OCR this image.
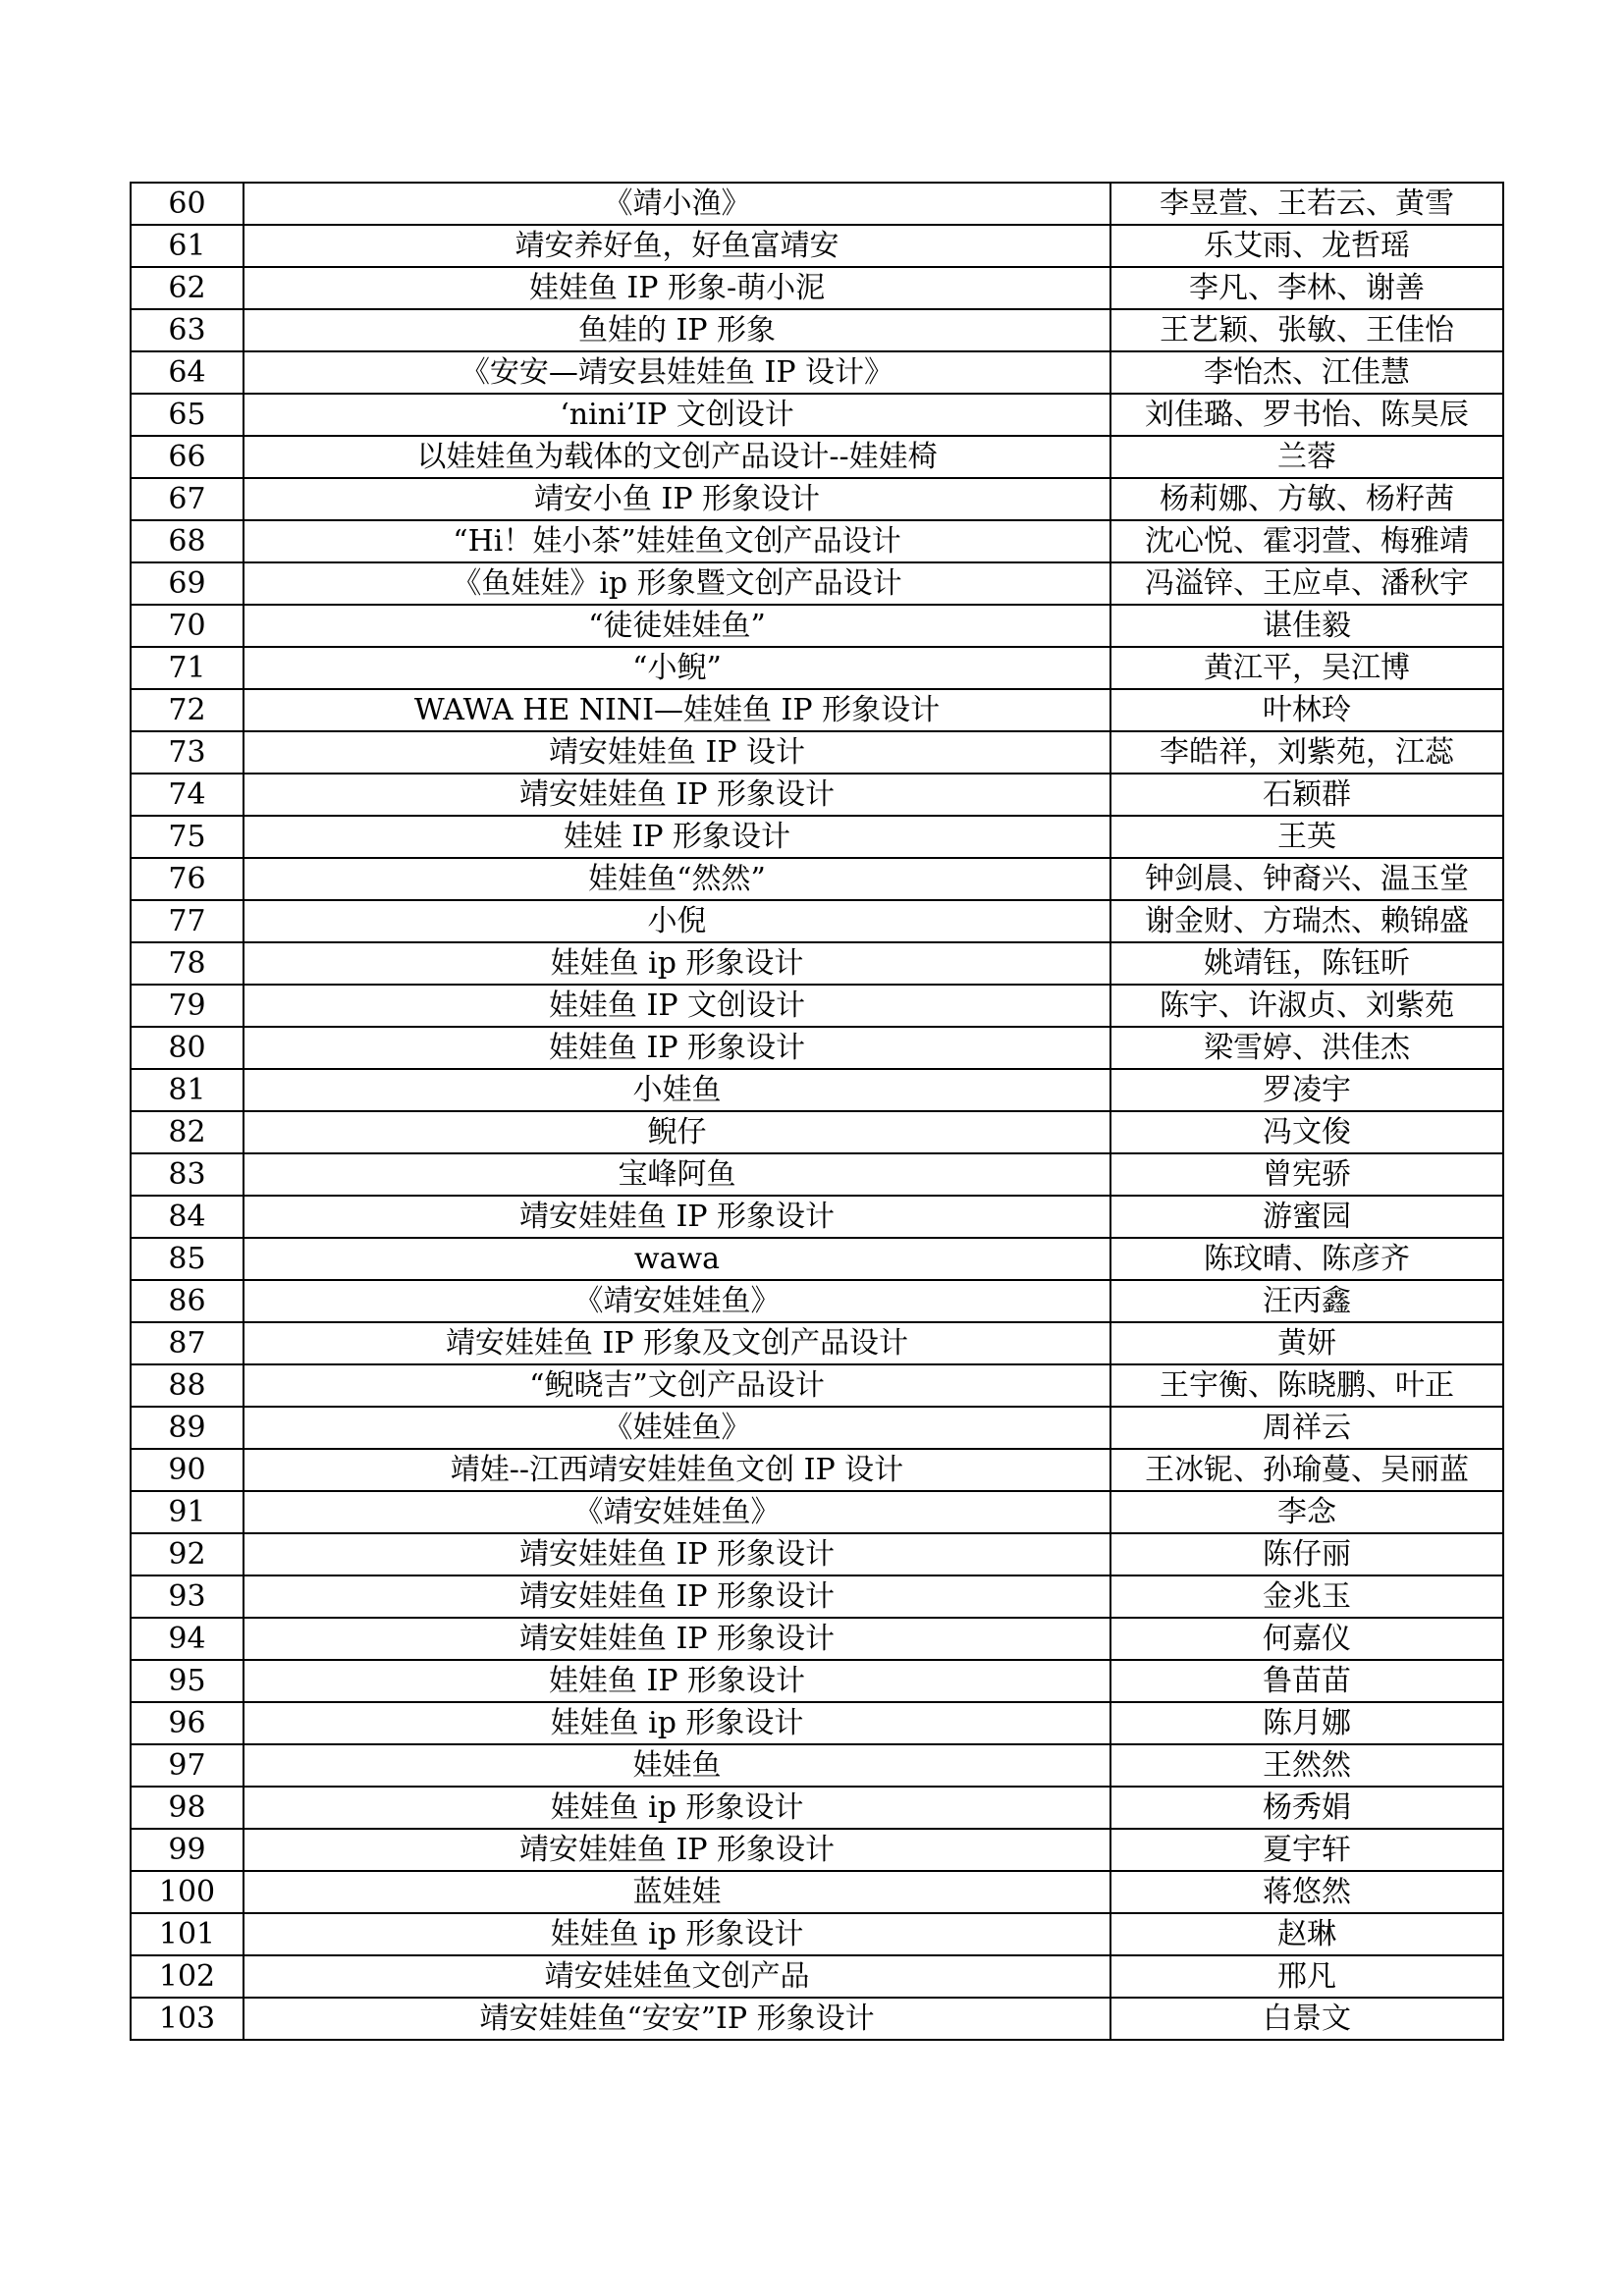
60	《靖小渔》	李昱萱、王若云、黄雪
61	靖安养好鱼，好鱼富靖安	乐艾雨、龙哲瑶
62	娃娃鱼 IP 形象-萌小泥	李凡、李林、谢善
63	鱼娃的 IP 形象	王艺颖、张敏、王佳怡
64	《安安—靖安县娃娃鱼 IP 设计》	李怡杰、江佳慧
65	‘nini’IP 文创设计	刘佳璐、罗书怡、陈昊辰
66	以娃娃鱼为载体的文创产品设计--娃娃椅	兰蓉
67	靖安小鱼 IP 形象设计	杨莉娜、方敏、杨籽茜
68	“Hi！娃小茶”娃娃鱼文创产品设计	沈心悦、霍羽萱、梅雅靖
69	《鱼娃娃》ip 形象暨文创产品设计	冯溢锌、王应卓、潘秋宇
70	“徒徒娃娃鱼”	谌佳毅
71	“小鲵”	黄江平，吴江博
72	WAWA HE NINI—娃娃鱼 IP 形象设计	叶林玲
73	靖安娃娃鱼 IP 设计	李皓祥，刘紫苑，江蕊
74	靖安娃娃鱼 IP 形象设计	石颖群
75	娃娃 IP 形象设计	王英
76	娃娃鱼“然然”	钟剑晨、钟裔兴、温玉堂
77	小倪	谢金财、方瑞杰、赖锦盛
78	娃娃鱼 ip 形象设计	姚靖钰，陈钰昕
79	娃娃鱼 IP 文创设计	陈宇、许淑贞、刘紫苑
80	娃娃鱼 IP 形象设计	梁雪婷、洪佳杰
81	小娃鱼	罗凌宇
82	鲵仔	冯文俊
83	宝峰阿鱼	曾宪骄
84	靖安娃娃鱼 IP 形象设计	游蜜园
85	wawa	陈玟晴、陈彦齐
86	《靖安娃娃鱼》	汪丙鑫
87	靖安娃娃鱼 IP 形象及文创产品设计	黄妍
88	“鲵晓吉”文创产品设计	王宇衡、陈晓鹏、叶正
89	《娃娃鱼》	周祥云
90	靖娃--江西靖安娃娃鱼文创 IP 设计	王冰铌、孙瑜蔓、吴丽蓝
91	《靖安娃娃鱼》	李念
92	靖安娃娃鱼 IP 形象设计	陈仔丽
93	靖安娃娃鱼 IP 形象设计	金兆玉
94	靖安娃娃鱼 IP 形象设计	何嘉仪
95	娃娃鱼 IP 形象设计	鲁苗苗
96	娃娃鱼 ip 形象设计	陈月娜
97	娃娃鱼	王然然
98	娃娃鱼 ip 形象设计	杨秀娟
99	靖安娃娃鱼 IP 形象设计	夏宇轩
100	蓝娃娃	蒋悠然
101	娃娃鱼 ip 形象设计	赵琳
102	靖安娃娃鱼文创产品	邢凡
103	靖安娃娃鱼“安安”IP 形象设计	白景文
